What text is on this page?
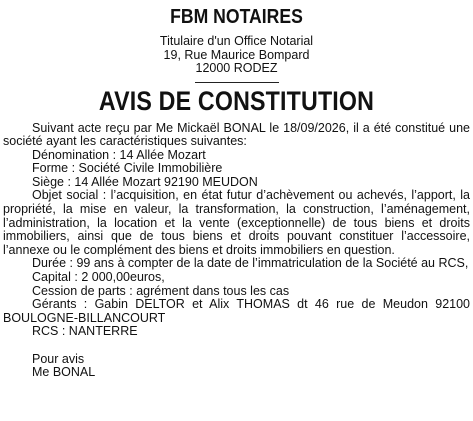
FBM NOTAIRES
Titulaire d'un Office Notarial
19, Rue Maurice Bompard
12000 RODEZ
AVIS DE CONSTITUTION

Suivant acte reçu par Me Mickaël BONAL le 18/09/2026, il a été constitué une société ayant les caractéristiques suivantes:

Dénomination : 14 Allée Mozart

Forme : Société Civile Immobilière

Siège : 14 Allée Mozart 92190 MEUDON

Objet social : l’acquisition, en état futur d’achèvement ou achevés, l’apport, la propriété, la mise en valeur, la transformation, la construction, l’aménagement, l’administration, la location et la vente (exceptionnelle) de tous biens et droits immobiliers, ainsi que de tous biens et droits pouvant constituer l’accessoire, l’annexe ou le complément des biens et droits immobiliers en question.

Durée : 99 ans à compter de la date de l’immatriculation de la Société au RCS,

Capital : 2 000,00euros,

Cession de parts : agrément dans tous les cas

Gérants : Gabin DELTOR et Alix THOMAS dt 46 rue de Meudon 92100 BOULOGNE-BILLANCOURT

RCS : NANTERRE

Pour avis

Me BONAL
